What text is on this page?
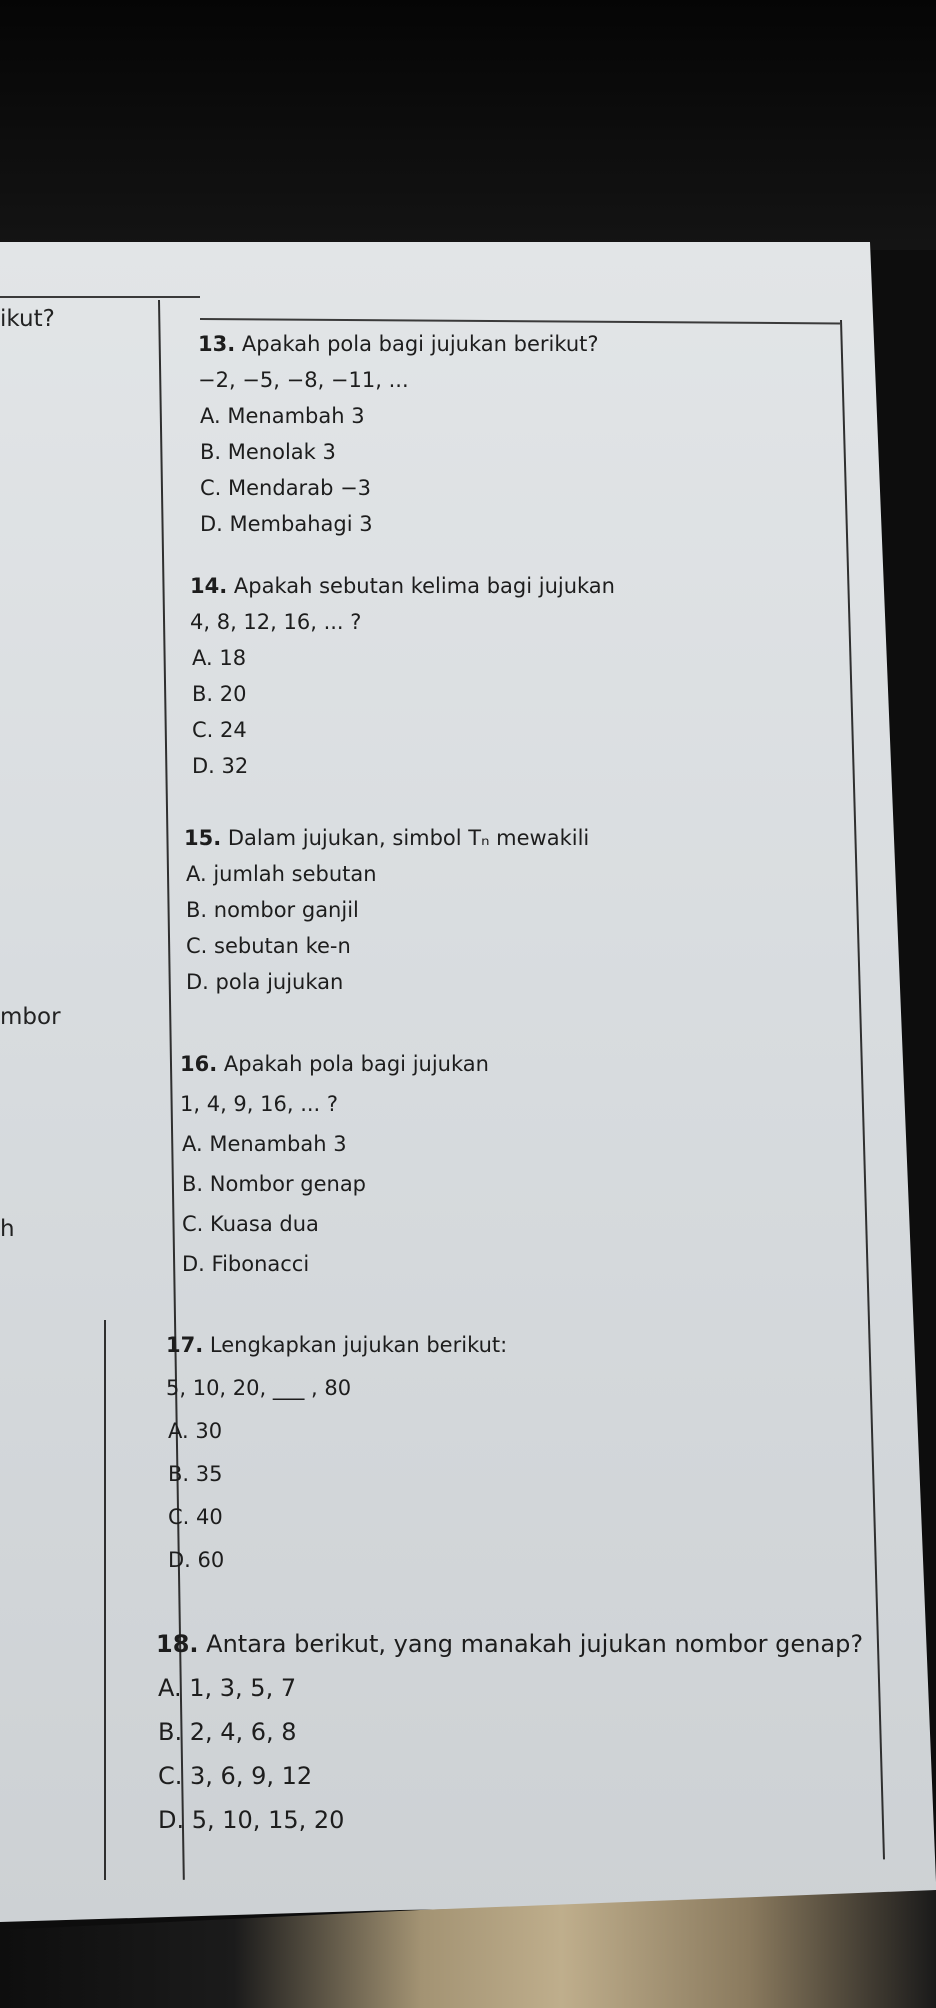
ikut?
mbor
h
13. Apakah pola bagi jujukan berikut?
−2, −5, −8, −11, ...
A. Menambah 3
B. Menolak 3
C. Mendarab −3
D. Membahagi 3
14. Apakah sebutan kelima bagi jujukan
4, 8, 12, 16, ... ?
A. 18
B. 20
C. 24
D. 32
15. Dalam jujukan, simbol Tₙ mewakili
A. jumlah sebutan
B. nombor ganjil
C. sebutan ke-n
D. pola jujukan
16. Apakah pola bagi jujukan
1, 4, 9, 16, ... ?
A. Menambah 3
B. Nombor genap
C. Kuasa dua
D. Fibonacci
17. Lengkapkan jujukan berikut:
5, 10, 20, ___ , 80
A. 30
B. 35
C. 40
D. 60
18. Antara berikut, yang manakah jujukan nombor genap?
A. 1, 3, 5, 7
B. 2, 4, 6, 8
C. 3, 6, 9, 12
D. 5, 10, 15, 20
